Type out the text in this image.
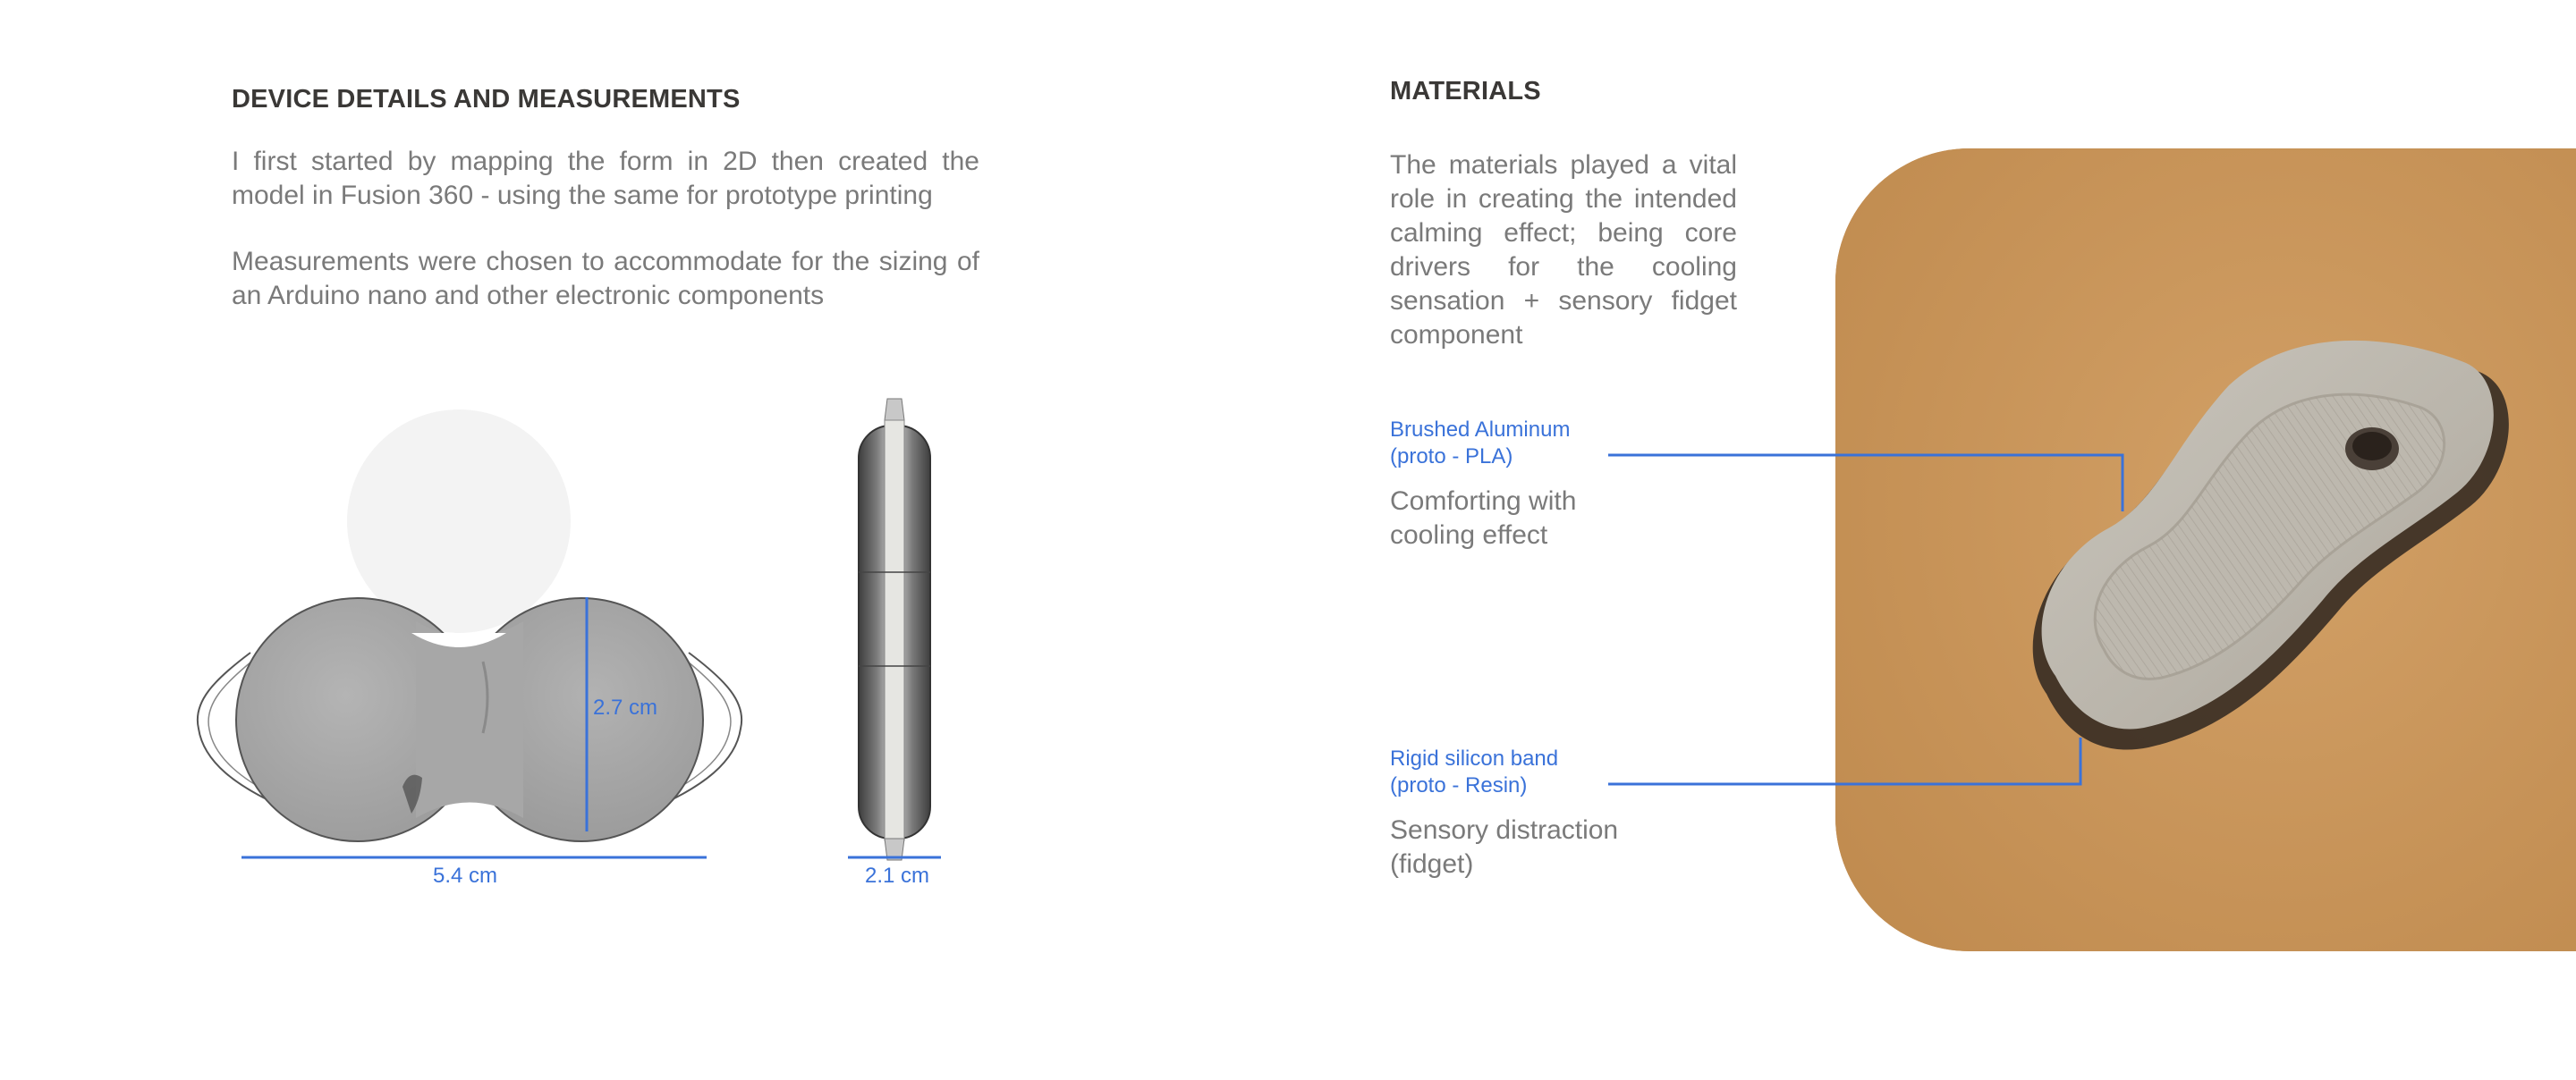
DEVICE DETAILS AND MEASUREMENTS
I first started by mapping the form in 2D then created the model in Fusion 360 - using the same for prototype printing
Measurements were chosen to accommodate for the sizing of an Arduino nano and other electronic components
2.7 cm
5.4 cm	2.1 cm
MATERIALS
The materials played a vital role in creating the intended calming effect; being core drivers for the cooling sensation + sensory fidget component
Brushed Aluminum
(proto - PLA)
Comforting with
cooling effect
Rigid silicon band
(proto - Resin)
Sensory distraction
(fidget)
